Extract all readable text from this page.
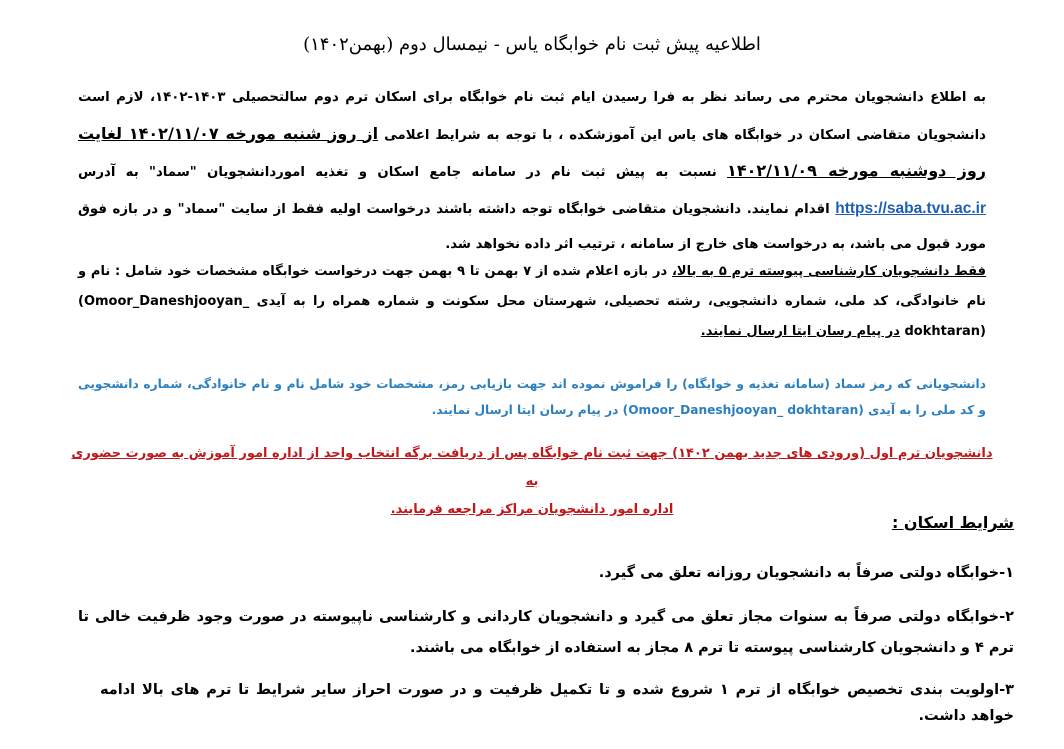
اطلاعیه پیش ثبت نام خوابگاه یاس - نیمسال دوم (بهمن۱۴۰۲)
به اطلاع دانشجویان محترم می رساند نظر به فرا رسیدن ایام ثبت نام خوابگاه برای اسکان ترم دوم سالتحصیلی ۱۴۰۳-۱۴۰۲، لازم است دانشجویان متقاضی اسکان در خوابگاه های یاس این آموزشکده ، با توجه به شرایط اعلامی از روز شنبه مورخه ۱۴۰۲/۱۱/۰۷ لغایت روز دوشنبه مورخه ۱۴۰۲/۱۱/۰۹ نسبت به پیش ثبت نام در سامانه جامع اسکان و تغذیه اموردانشجویان "سماد" به آدرس https://saba.tvu.ac.ir اقدام نمایند. دانشجویان متقاضی خوابگاه توجه داشته باشند درخواست اولیه فقط از سایت "سماد" و در بازه فوق مورد قبول می باشد، به درخواست های خارج از سامانه ، ترتیب اثر داده نخواهد شد.
فقط دانشجویان کارشناسی پیوسته ترم ۵ به بالا، در بازه اعلام شده از ۷ بهمن تا ۹ بهمن جهت درخواست خوابگاه مشخصات خود شامل : نام و نام خانوادگی، کد ملی، شماره دانشجویی، رشته تحصیلی، شهرستان محل سکونت و شماره همراه را به آیدی (Omoor_Daneshjooyan_ dokhtaran) در پیام رسان ایتا ارسال نمایند.
دانشجویانی که رمز سماد (سامانه تغذیه و خوابگاه) را فراموش نموده اند جهت بازیابی رمز، مشخصات خود شامل نام و نام خانوادگی، شماره دانشجویی و کد ملی را به آیدی (Omoor_Daneshjooyan_ dokhtaran) در پیام رسان ایتا ارسال نمایند.
دانشجویان ترم اول (ورودی های جدید بهمن ۱۴۰۲) جهت ثبت نام خوابگاه پس از دریافت برگه انتخاب واحد از اداره امور آموزش به صورت حضوری به
اداره امور دانشجویان مراکز مراجعه فرمایند.
شرایط اسکان :
۱-خوابگاه دولتی صرفاً به دانشجویان روزانه تعلق می گیرد.
۲-خوابگاه دولتی صرفاً به سنوات مجاز تعلق می گیرد و دانشجویان کاردانی و کارشناسی ناپیوسته در صورت وجود ظرفیت خالی تا ترم ۴ و دانشجویان کارشناسی پیوسته تا ترم ۸ مجاز به استفاده از خوابگاه می باشند.
۳-اولویت بندی تخصیص خوابگاه از ترم ۱ شروع شده و تا تکمیل ظرفیت و در صورت احراز سایر شرایط تا ترم های بالا ادامه خواهد داشت.
